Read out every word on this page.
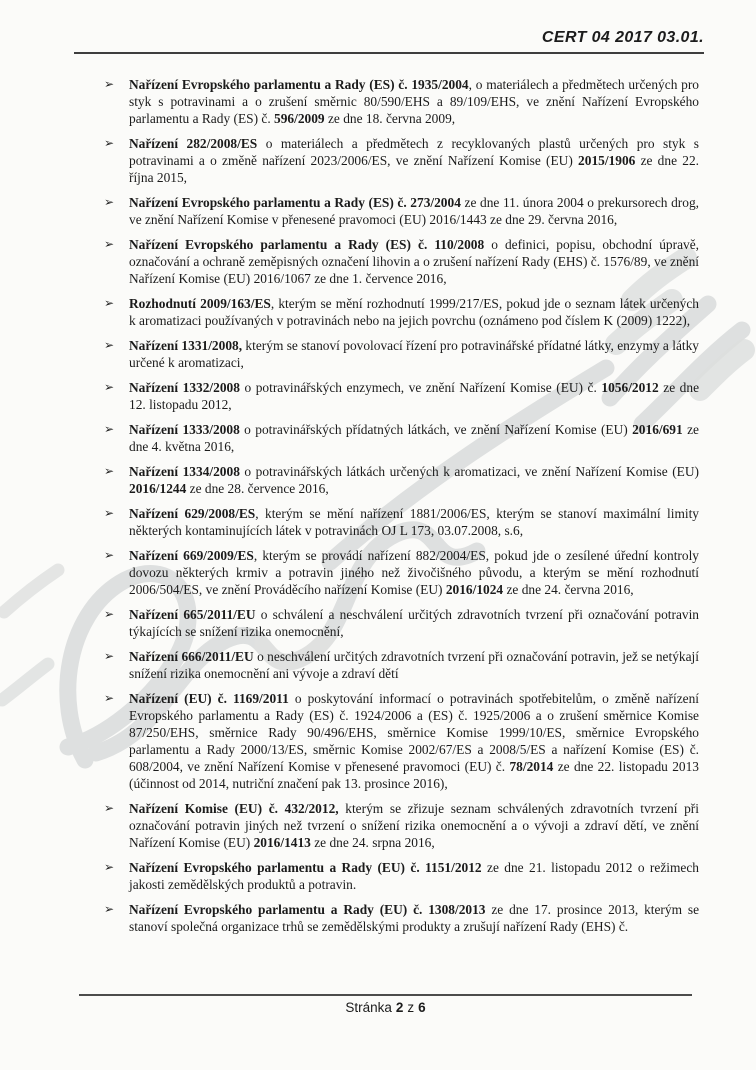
CERT 04 2017 03.01.
➢ Nařízení Evropského parlamentu a Rady (ES) č. 1935/2004, o materiálech a předmětech určených pro styk s potravinami a o zrušení směrnic 80/590/EHS a 89/109/EHS, ve znění Nařízení Evropského parlamentu a Rady (ES) č. 596/2009 ze dne 18. června 2009,
➢ Nařízení 282/2008/ES o materiálech a předmětech z recyklovaných plastů určených pro styk s potravinami a o změně nařízení 2023/2006/ES, ve znění Nařízení Komise (EU) 2015/1906 ze dne 22. října 2015,
➢ Nařízení Evropského parlamentu a Rady (ES) č. 273/2004 ze dne 11. února 2004 o prekursorech drog, ve znění Nařízení Komise v přenesené pravomoci (EU) 2016/1443 ze dne 29. června 2016,
➢ Nařízení Evropského parlamentu a Rady (ES) č. 110/2008 o definici, popisu, obchodní úpravě, označování a ochraně zeměpisných označení lihovin a o zrušení nařízení Rady (EHS) č. 1576/89, ve znění Nařízení Komise (EU) 2016/1067 ze dne 1. července 2016,
➢ Rozhodnutí 2009/163/ES, kterým se mění rozhodnutí 1999/217/ES, pokud jde o seznam látek určených k aromatizaci používaných v potravinách nebo na jejich povrchu (oznámeno pod číslem K (2009) 1222),
➢ Nařízení 1331/2008, kterým se stanoví povolovací řízení pro potravinářské přídatné látky, enzymy a látky určené k aromatizaci,
➢ Nařízení 1332/2008 o potravinářských enzymech, ve znění Nařízení Komise (EU) č. 1056/2012 ze dne 12. listopadu 2012,
➢ Nařízení 1333/2008 o potravinářských přídatných látkách, ve znění Nařízení Komise (EU) 2016/691 ze dne 4. května 2016,
➢ Nařízení 1334/2008 o potravinářských látkách určených k aromatizaci, ve znění Nařízení Komise (EU) 2016/1244 ze dne 28. července 2016,
➢ Nařízení 629/2008/ES, kterým se mění nařízení 1881/2006/ES, kterým se stanoví maximální limity některých kontaminujících látek v potravinách OJ L 173, 03.07.2008, s.6,
➢ Nařízení 669/2009/ES, kterým se provádí nařízení 882/2004/ES, pokud jde o zesílené úřední kontroly dovozu některých krmiv a potravin jiného než živočišného původu, a kterým se mění rozhodnutí 2006/504/ES, ve znění Prováděcího nařízení Komise (EU) 2016/1024 ze dne 24. června 2016,
➢ Nařízení 665/2011/EU o schválení a neschválení určitých zdravotních tvrzení při označování potravin týkajících se snížení rizika onemocnění,
➢ Nařízení 666/2011/EU o neschválení určitých zdravotních tvrzení při označování potravin, jež se netýkají snížení rizika onemocnění ani vývoje a zdraví dětí
➢ Nařízení (EU) č. 1169/2011 o poskytování informací o potravinách spotřebitelům, o změně nařízení Evropského parlamentu a Rady (ES) č. 1924/2006 a (ES) č. 1925/2006 a o zrušení směrnice Komise 87/250/EHS, směrnice Rady 90/496/EHS, směrnice Komise 1999/10/ES, směrnice Evropského parlamentu a Rady 2000/13/ES, směrnic Komise 2002/67/ES a 2008/5/ES a nařízení Komise (ES) č. 608/2004, ve znění Nařízení Komise v přenesené pravomoci (EU) č. 78/2014 ze dne 22. listopadu 2013 (účinnost od 2014, nutriční značení pak 13. prosince 2016),
➢ Nařízení Komise (EU) č. 432/2012, kterým se zřizuje seznam schválených zdravotních tvrzení při označování potravin jiných než tvrzení o snížení rizika onemocnění a o vývoji a zdraví dětí, ve znění Nařízení Komise (EU) 2016/1413 ze dne 24. srpna 2016,
➢ Nařízení Evropského parlamentu a Rady (EU) č. 1151/2012 ze dne 21. listopadu 2012 o režimech jakosti zemědělských produktů a potravin.
➢ Nařízení Evropského parlamentu a Rady (EU) č. 1308/2013 ze dne 17. prosince 2013, kterým se stanoví společná organizace trhů se zemědělskými produkty a zrušují nařízení Rady (EHS) č.
Stránka 2 z 6
